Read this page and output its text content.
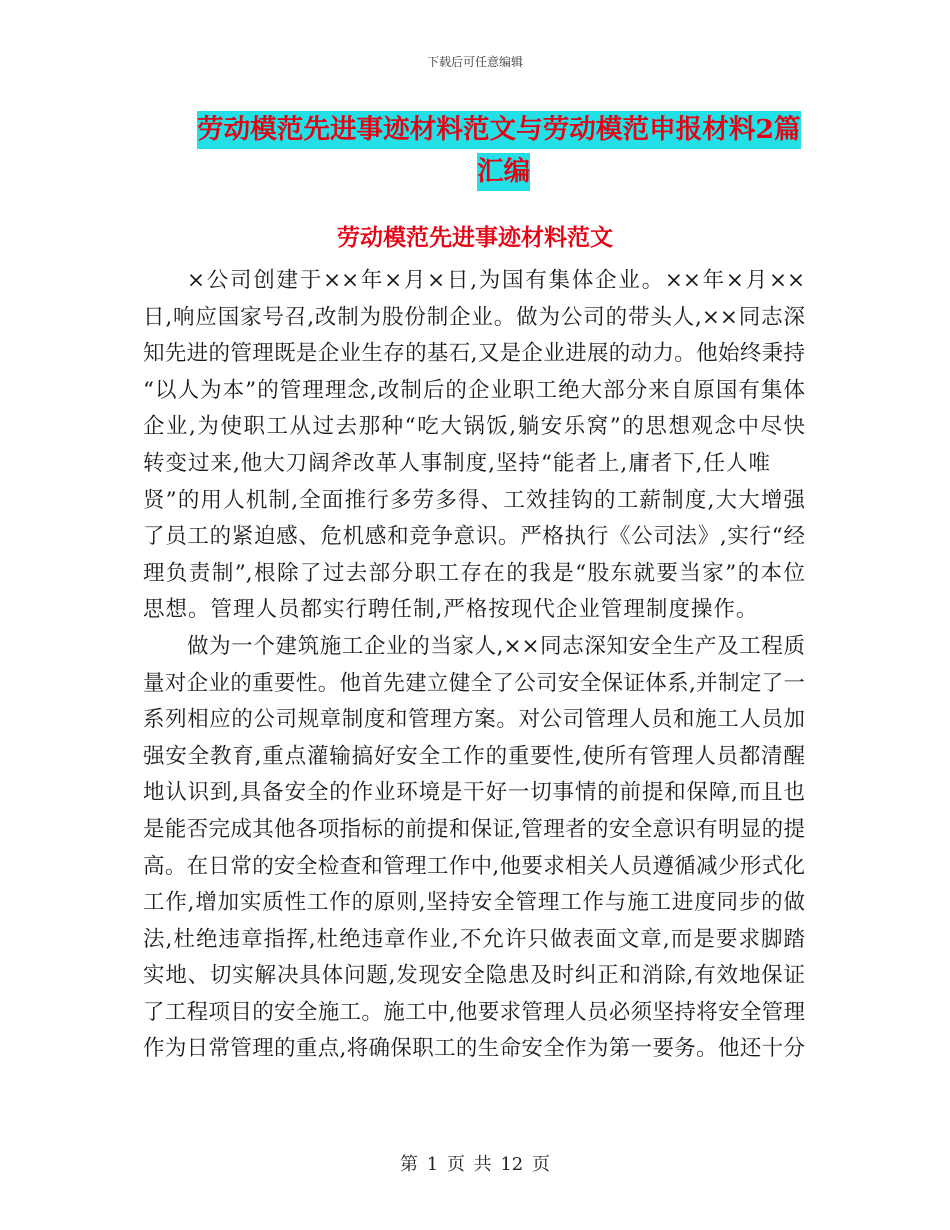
下载后可任意编辑
劳动模范先进事迹材料范文与劳动模范申报材料2篇
汇编
劳动模范先进事迹材料范文
×公司创建于××年×月×日,为国有集体企业。××年×月××
日,响应国家号召,改制为股份制企业。做为公司的带头人,××同志深
知先进的管理既是企业生存的基石,又是企业进展的动力。他始终秉持
“以人为本”的管理理念,改制后的企业职工绝大部分来自原国有集体
企业,为使职工从过去那种“吃大锅饭,躺安乐窝”的思想观念中尽快
转变过来,他大刀阔斧改革人事制度,坚持“能者上,庸者下,任人唯
贤”的用人机制,全面推行多劳多得、工效挂钩的工薪制度,大大增强
了员工的紧迫感、危机感和竞争意识。严格执行《公司法》,实行“经
理负责制”,根除了过去部分职工存在的我是“股东就要当家”的本位
思想。管理人员都实行聘任制,严格按现代企业管理制度操作。
做为一个建筑施工企业的当家人,××同志深知安全生产及工程质
量对企业的重要性。他首先建立健全了公司安全保证体系,并制定了一
系列相应的公司规章制度和管理方案。对公司管理人员和施工人员加
强安全教育,重点灌输搞好安全工作的重要性,使所有管理人员都清醒
地认识到,具备安全的作业环境是干好一切事情的前提和保障,而且也
是能否完成其他各项指标的前提和保证,管理者的安全意识有明显的提
高。在日常的安全检查和管理工作中,他要求相关人员遵循减少形式化
工作,增加实质性工作的原则,坚持安全管理工作与施工进度同步的做
法,杜绝违章指挥,杜绝违章作业,不允许只做表面文章,而是要求脚踏
实地、切实解决具体问题,发现安全隐患及时纠正和消除,有效地保证
了工程项目的安全施工。施工中,他要求管理人员必须坚持将安全管理
作为日常管理的重点,将确保职工的生命安全作为第一要务。他还十分
第 1 页 共 12 页
